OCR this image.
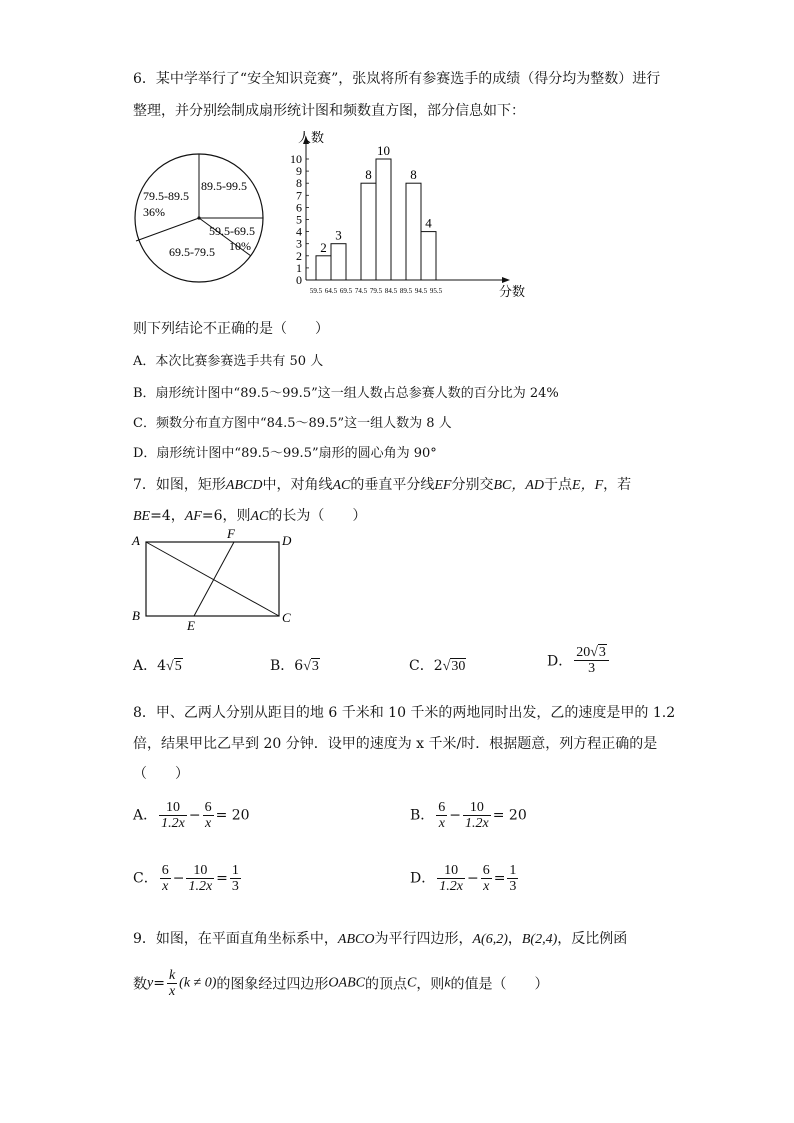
6．某中学举行了“安全知识竞赛”，张岚将所有参赛选手的成绩（得分均为整数）进行
整理，并分别绘制成扇形统计图和频数直方图，部分信息如下：
89.5-99.5
79.5-89.5
36%
59.5-69.5
10%
69.5-79.5
人数
分数
0
1
2
3
4
5
6
7
8
9
10
59.5 64.5 69.5 74.5 79.5 84.5 89.5 94.5 95.5
2
3
8
10
8
4
则下列结论不正确的是（　　）
A．本次比赛参赛选手共有 50 人
B．扇形统计图中“89.5～99.5”这一组人数占总参赛人数的百分比为 24%
C．频数分布直方图中“84.5～89.5”这一组人数为 8 人
D．扇形统计图中“89.5～99.5”扇形的圆心角为 90°
7．如图，矩形ABCD中，对角线AC的垂直平分线EF分别交BC，AD于点E，F，若
BE=4，AF=6，则AC的长为（　　）
A	F	D
B
E
C
A．4√5	B．6√3	C．2√30	D． $\frac{20√3}{3}$
8．甲、乙两人分别从距目的地 6 千米和 10 千米的两地同时出发，乙的速度是甲的 1.2
倍，结果甲比乙早到 20 分钟．设甲的速度为 x 千米/时．根据题意，列方程正确的是
（　　）
A． $\frac{10}{1.2x} - \frac{6}{x} = 20$	B． $\frac{6}{x} - \frac{10}{1.2x} = 20$
C． $\frac{6}{x} - \frac{10}{1.2x} = \frac{1}{3}$	D． $\frac{10}{1.2x} - \frac{6}{x} = \frac{1}{3}$
9．如图，在平面直角坐标系中，ABCO为平行四边形，A(6,2)，B(2,4)，反比例函
数$y= \frac{k}{x} (k \ne 0)$的图象经过四边形OABC的顶点C，则k的值是（　　）
